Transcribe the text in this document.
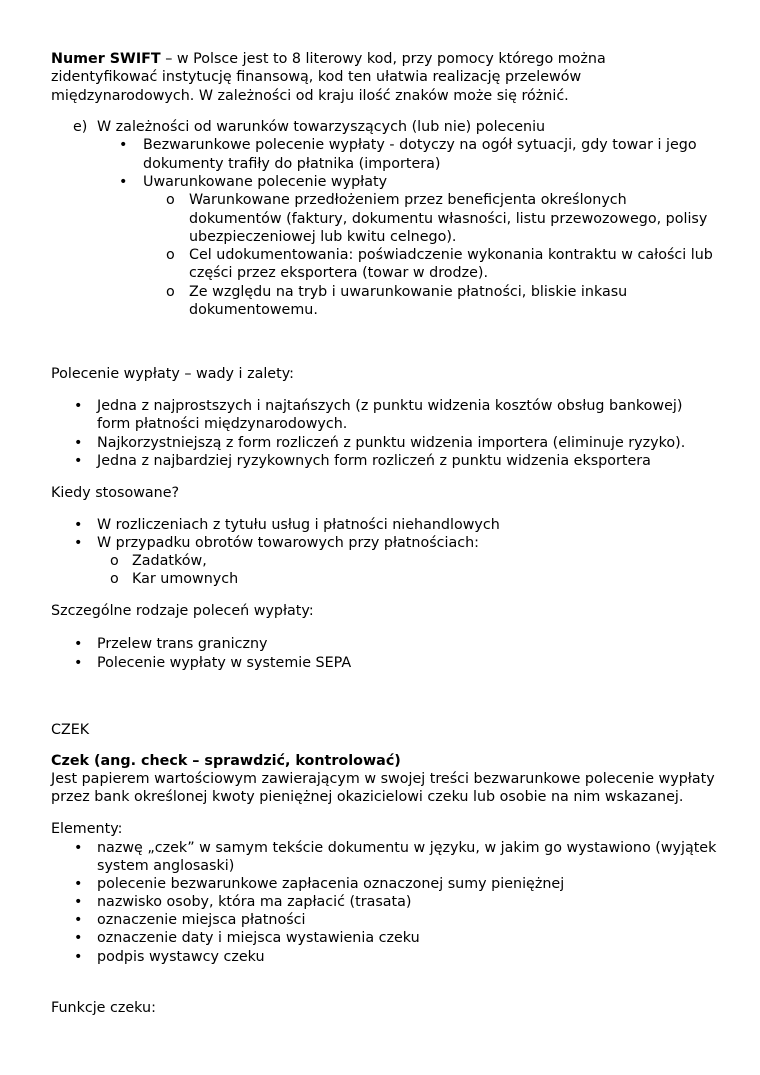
Numer SWIFT – w Polsce jest to 8 literowy kod, przy pomocy którego można
zidentyfikować instytucję finansową, kod ten ułatwia realizację przelewów
międzynarodowych. W zależności od kraju ilość znaków może się różnić.
e) W zależności od warunków towarzyszących (lub nie) poleceniu
• Bezwarunkowe polecenie wypłaty - dotyczy na ogół sytuacji, gdy towar i jego
dokumenty trafiły do płatnika (importera)
• Uwarunkowane polecenie wypłaty
o Warunkowane przedłożeniem przez beneficjenta określonych
dokumentów (faktury, dokumentu własności, listu przewozowego, polisy
ubezpieczeniowej lub kwitu celnego).
o Cel udokumentowania: poświadczenie wykonania kontraktu w całości lub
części przez eksportera (towar w drodze).
o Ze względu na tryb i uwarunkowanie płatności, bliskie inkasu
dokumentowemu.
Polecenie wypłaty – wady i zalety:
• Jedna z najprostszych i najtańszych (z punktu widzenia kosztów obsług bankowej)
form płatności międzynarodowych.
• Najkorzystniejszą z form rozliczeń z punktu widzenia importera (eliminuje ryzyko).
• Jedna z najbardziej ryzykownych form rozliczeń z punktu widzenia eksportera
Kiedy stosowane?
• W rozliczeniach z tytułu usług i płatności niehandlowych
• W przypadku obrotów towarowych przy płatnościach:
o Zadatków,
o Kar umownych
Szczególne rodzaje poleceń wypłaty:
• Przelew trans graniczny
• Polecenie wypłaty w systemie SEPA
CZEK
Czek (ang. check – sprawdzić, kontrolować)
Jest papierem wartościowym zawierającym w swojej treści bezwarunkowe polecenie wypłaty
przez bank określonej kwoty pieniężnej okazicielowi czeku lub osobie na nim wskazanej.
Elementy:
• nazwę „czek” w samym tekście dokumentu w języku, w jakim go wystawiono (wyjątek
system anglosaski)
• polecenie bezwarunkowe zapłacenia oznaczonej sumy pieniężnej
• nazwisko osoby, która ma zapłacić (trasata)
• oznaczenie miejsca płatności
• oznaczenie daty i miejsca wystawienia czeku
• podpis wystawcy czeku
Funkcje czeku:
